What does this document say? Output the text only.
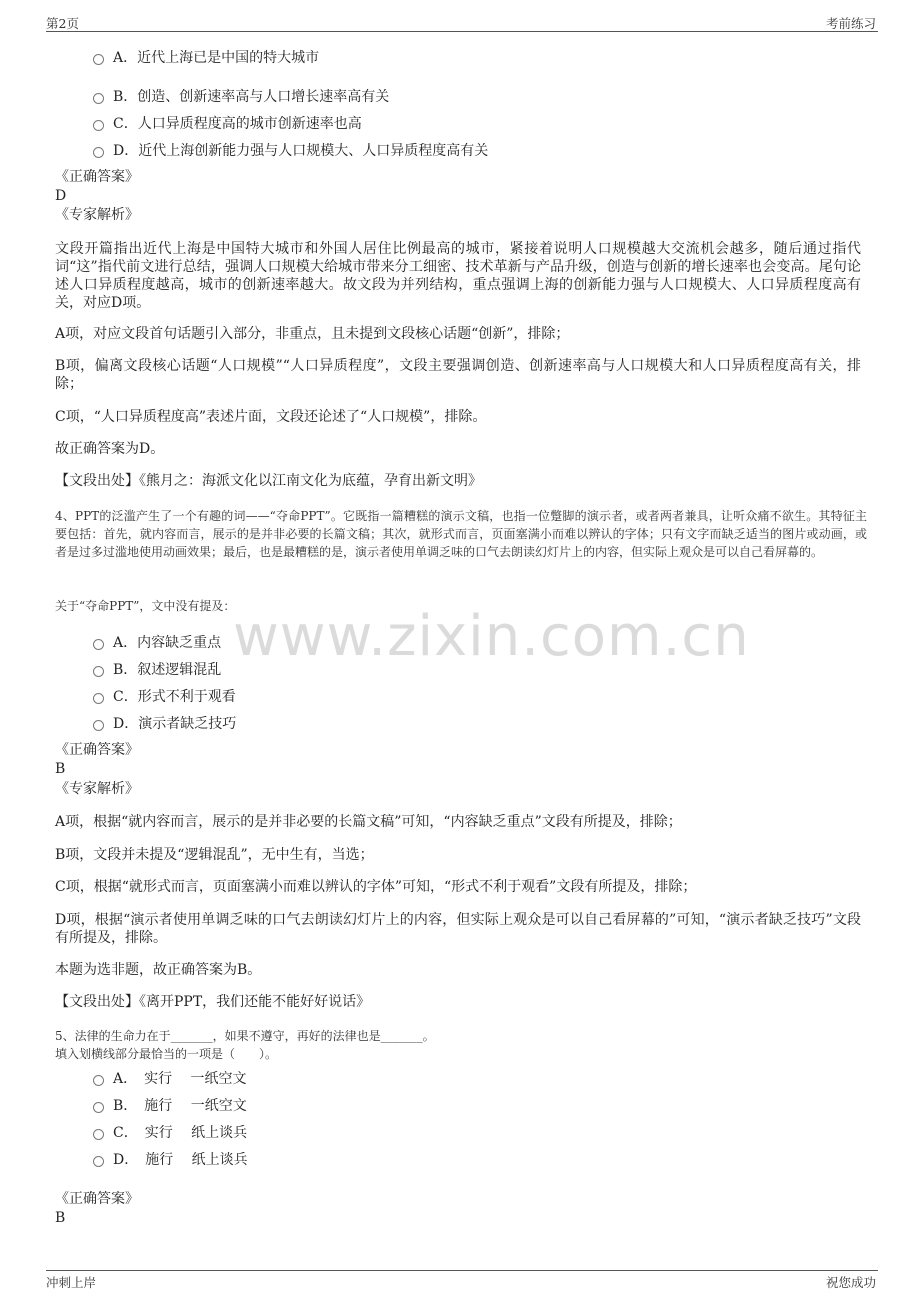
第2页	考前练习
www.zixin.com.cn
A．近代上海已是中国的特大城市
B．创造、创新速率高与人口增长速率高有关
C．人口异质程度高的城市创新速率也高
D．近代上海创新能力强与人口规模大、人口异质程度高有关
《正确答案》
D
《专家解析》
文段开篇指出近代上海是中国特大城市和外国人居住比例最高的城市，紧接着说明人口规模越大交流机会越多，随后通过指代词“这”指代前文进行总结，强调人口规模大给城市带来分工细密、技术革新与产品升级，创造与创新的增长速率也会变高。尾句论述人口异质程度越高，城市的创新速率越大。故文段为并列结构，重点强调上海的创新能力强与人口规模大、人口异质程度高有关，对应D项。
A项，对应文段首句话题引入部分，非重点，且未提到文段核心话题“创新”，排除；
B项，偏离文段核心话题“人口规模”“人口异质程度”，文段主要强调创造、创新速率高与人口规模大和人口异质程度高有关，排除；
C项，“人口异质程度高”表述片面，文段还论述了“人口规模”，排除。
故正确答案为D。
【文段出处】《熊月之：海派文化以江南文化为底蕴，孕育出新文明》
4、PPT的泛滥产生了一个有趣的词——“夺命PPT”。它既指一篇糟糕的演示文稿，也指一位蹩脚的演示者，或者两者兼具，让听众痛不欲生。其特征主要包括：首先，就内容而言，展示的是并非必要的长篇文稿；其次，就形式而言，页面塞满小而难以辨认的字体；只有文字而缺乏适当的图片或动画，或者是过多过滥地使用动画效果；最后，也是最糟糕的是，演示者使用单调乏味的口气去朗读幻灯片上的内容，但实际上观众是可以自己看屏幕的。
关于“夺命PPT”，文中没有提及：
A．内容缺乏重点
B．叙述逻辑混乱
C．形式不利于观看
D．演示者缺乏技巧
《正确答案》
B
《专家解析》
A项，根据“就内容而言，展示的是并非必要的长篇文稿”可知，“内容缺乏重点”文段有所提及，排除；
B项，文段并未提及“逻辑混乱”，无中生有，当选；
C项，根据“就形式而言，页面塞满小而难以辨认的字体”可知，“形式不利于观看”文段有所提及，排除；
D项，根据“演示者使用单调乏味的口气去朗读幻灯片上的内容，但实际上观众是可以自己看屏幕的”可知，“演示者缺乏技巧”文段有所提及，排除。
本题为选非题，故正确答案为B。
【文段出处】《离开PPT，我们还能不能好好说话》
5、法律的生命力在于_______，如果不遵守，再好的法律也是_______。
填入划横线部分最恰当的一项是（　　）。
A．　实行　 一纸空文
B．　施行　 一纸空文
C．　实行　 纸上谈兵
D．　施行　 纸上谈兵
《正确答案》
B
冲刺上岸	祝您成功
